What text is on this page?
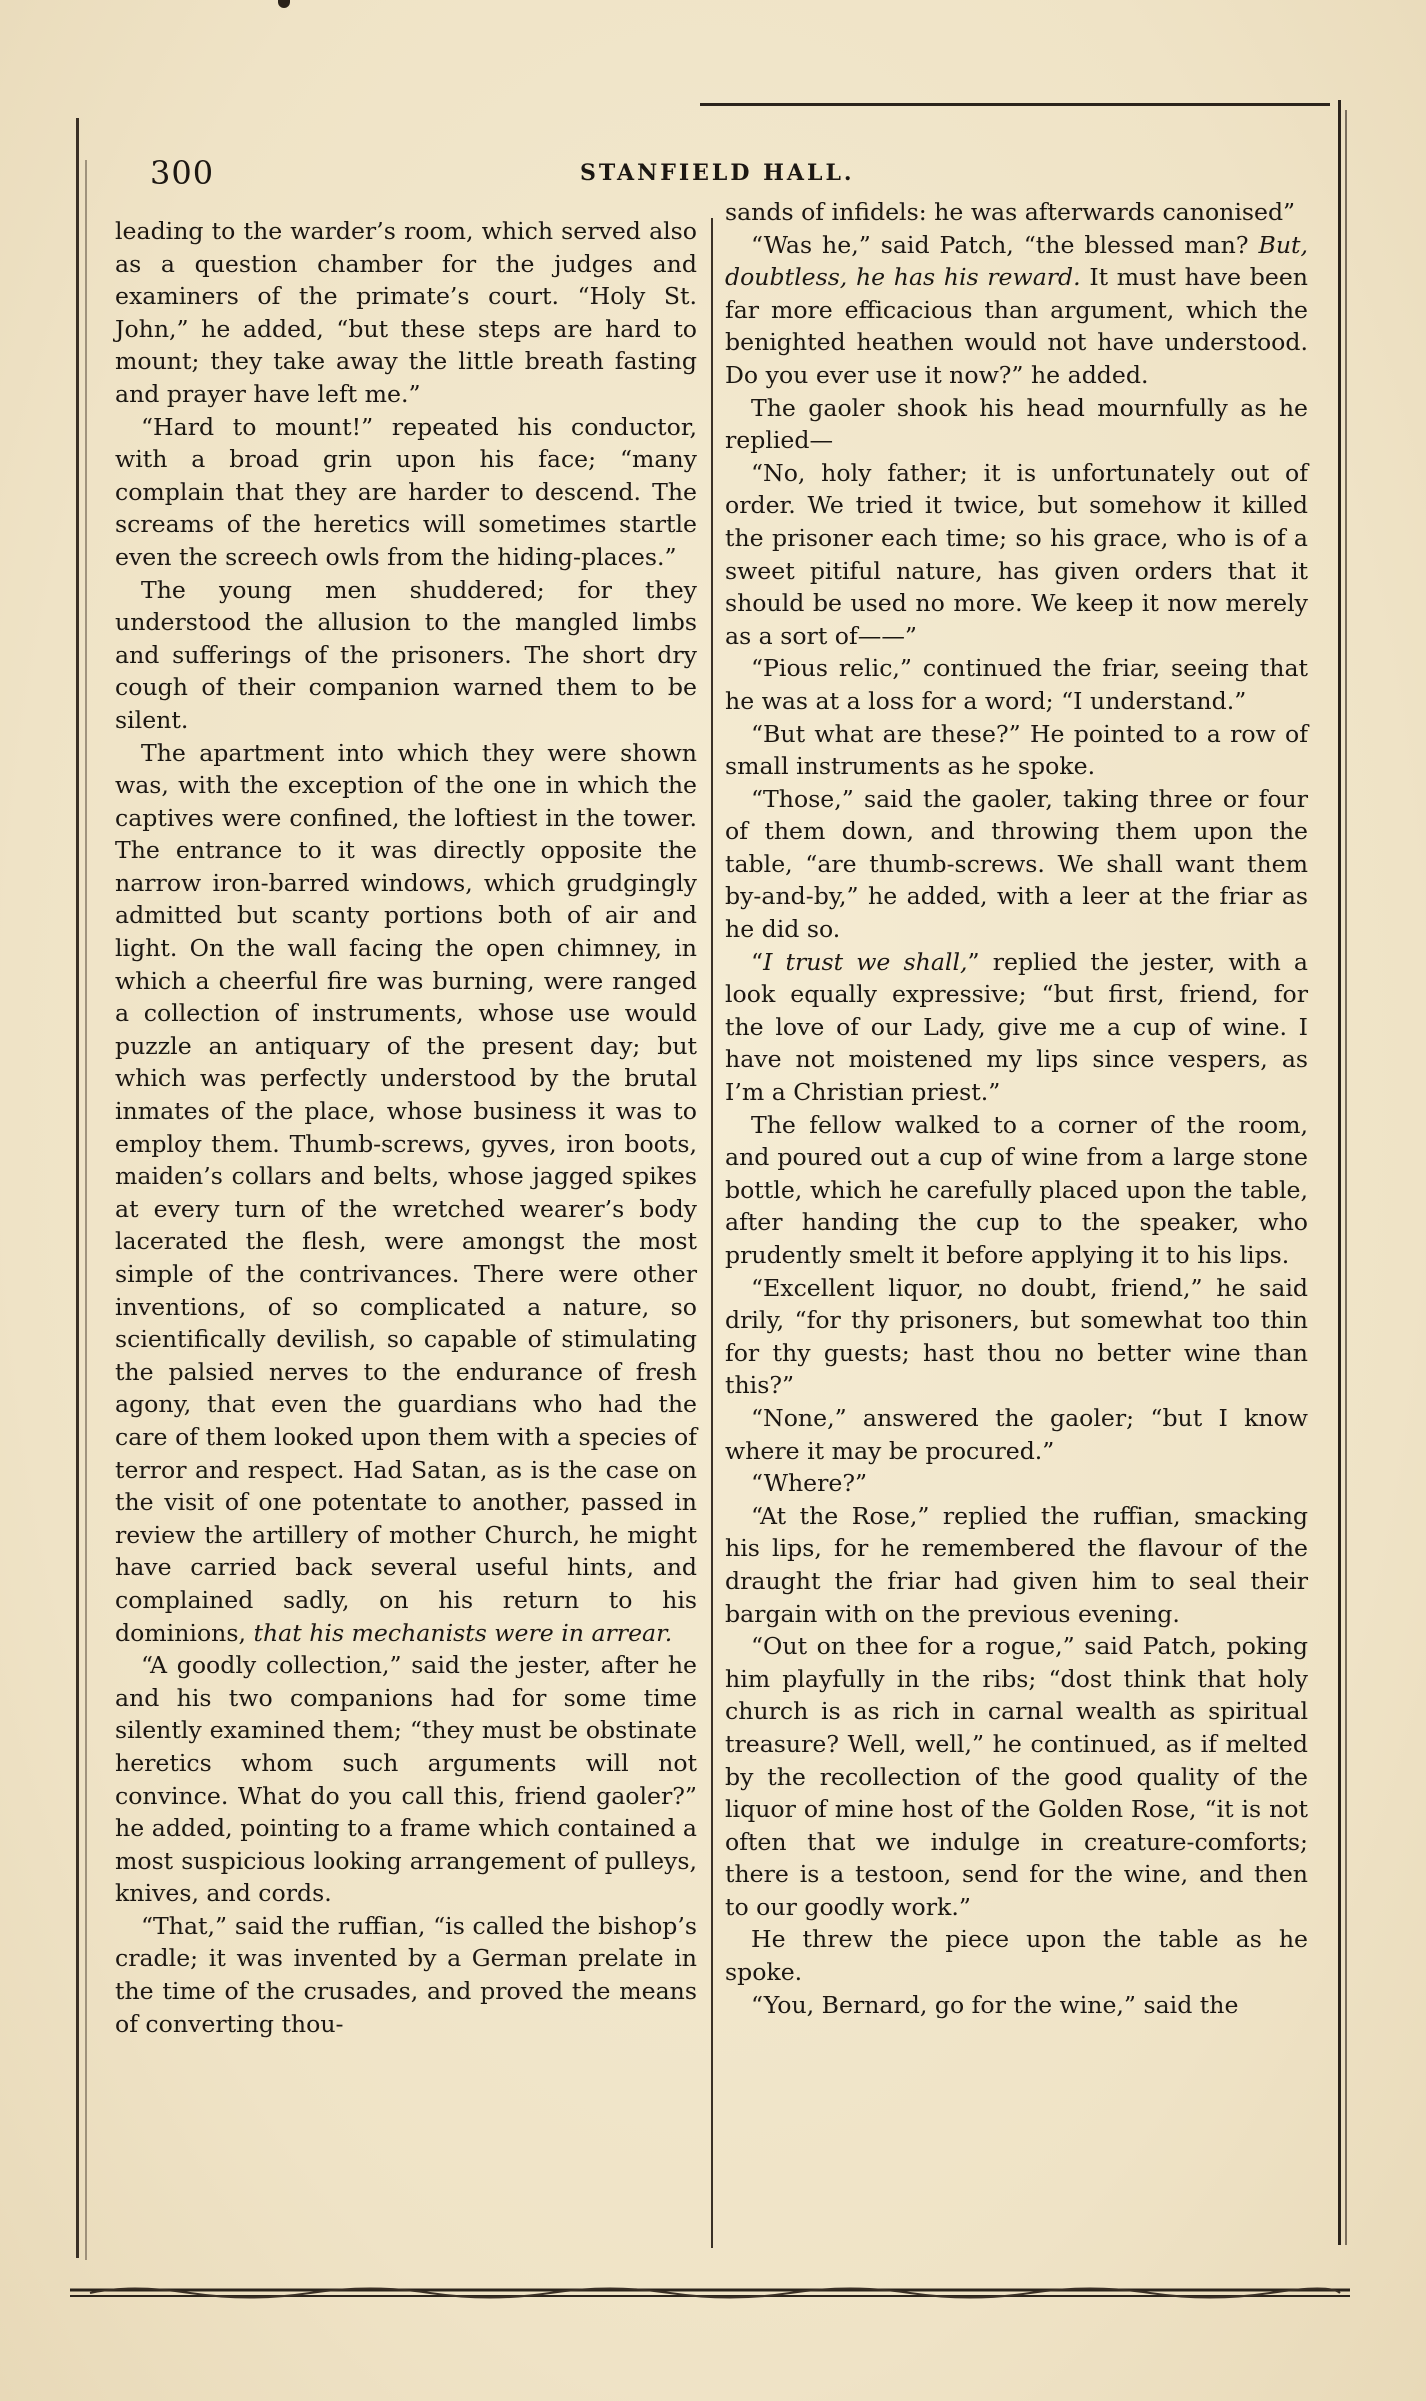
300	STANFIELD HALL.

leading to the warder’s room, which served also as a question chamber for the judges and examiners of the primate’s court. “Holy St. John,” he added, “but these steps are hard to mount; they take away the little breath fasting and prayer have left me.”

“Hard to mount!” repeated his conductor, with a broad grin upon his face; “many complain that they are harder to descend. The screams of the heretics will sometimes startle even the screech owls from the hiding-places.”

The young men shuddered; for they understood the allusion to the mangled limbs and sufferings of the prisoners. The short dry cough of their companion warned them to be silent.

The apartment into which they were shown was, with the exception of the one in which the captives were confined, the loftiest in the tower. The entrance to it was directly opposite the narrow iron-barred windows, which grudgingly admitted but scanty portions both of air and light. On the wall facing the open chimney, in which a cheerful fire was burning, were ranged a collection of instruments, whose use would puzzle an antiquary of the present day; but which was perfectly understood by the brutal inmates of the place, whose business it was to employ them. Thumb-screws, gyves, iron boots, maiden’s collars and belts, whose jagged spikes at every turn of the wretched wearer’s body lacerated the flesh, were amongst the most simple of the contrivances. There were other inventions, of so complicated a nature, so scientifically devilish, so capable of stimulating the palsied nerves to the endurance of fresh agony, that even the guardians who had the care of them looked upon them with a species of terror and respect. Had Satan, as is the case on the visit of one potentate to another, passed in review the artillery of mother Church, he might have carried back several useful hints, and complained sadly, on his return to his dominions, that his mechanists were in arrear.

“A goodly collection,” said the jester, after he and his two companions had for some time silently examined them; “they must be obstinate heretics whom such arguments will not convince. What do you call this, friend gaoler?” he added, pointing to a frame which contained a most suspicious looking arrangement of pulleys, knives, and cords.

“That,” said the ruffian, “is called the bishop’s cradle; it was invented by a German prelate in the time of the crusades, and proved the means of converting thou-

sands of infidels: he was afterwards canonised”

“Was he,” said Patch, “the blessed man? But, doubtless, he has his reward. It must have been far more efficacious than argument, which the benighted heathen would not have understood. Do you ever use it now?” he added.

The gaoler shook his head mournfully as he replied—

“No, holy father; it is unfortunately out of order. We tried it twice, but somehow it killed the prisoner each time; so his grace, who is of a sweet pitiful nature, has given orders that it should be used no more. We keep it now merely as a sort of——”

“Pious relic,” continued the friar, seeing that he was at a loss for a word; “I understand.”

“But what are these?” He pointed to a row of small instruments as he spoke.

“Those,” said the gaoler, taking three or four of them down, and throwing them upon the table, “are thumb-screws. We shall want them by-and-by,” he added, with a leer at the friar as he did so.

“I trust we shall,” replied the jester, with a look equally expressive; “but first, friend, for the love of our Lady, give me a cup of wine. I have not moistened my lips since vespers, as I’m a Christian priest.”

The fellow walked to a corner of the room, and poured out a cup of wine from a large stone bottle, which he carefully placed upon the table, after handing the cup to the speaker, who prudently smelt it before applying it to his lips.

“Excellent liquor, no doubt, friend,” he said drily, “for thy prisoners, but somewhat too thin for thy guests; hast thou no better wine than this?”

“None,” answered the gaoler; “but I know where it may be procured.”

“Where?”

“At the Rose,” replied the ruffian, smacking his lips, for he remembered the flavour of the draught the friar had given him to seal their bargain with on the previous evening.

“Out on thee for a rogue,” said Patch, poking him playfully in the ribs; “dost think that holy church is as rich in carnal wealth as spiritual treasure? Well, well,” he continued, as if melted by the recollection of the good quality of the liquor of mine host of the Golden Rose, “it is not often that we indulge in creature-comforts; there is a testoon, send for the wine, and then to our goodly work.”

He threw the piece upon the table as he spoke.

“You, Bernard, go for the wine,” said the
